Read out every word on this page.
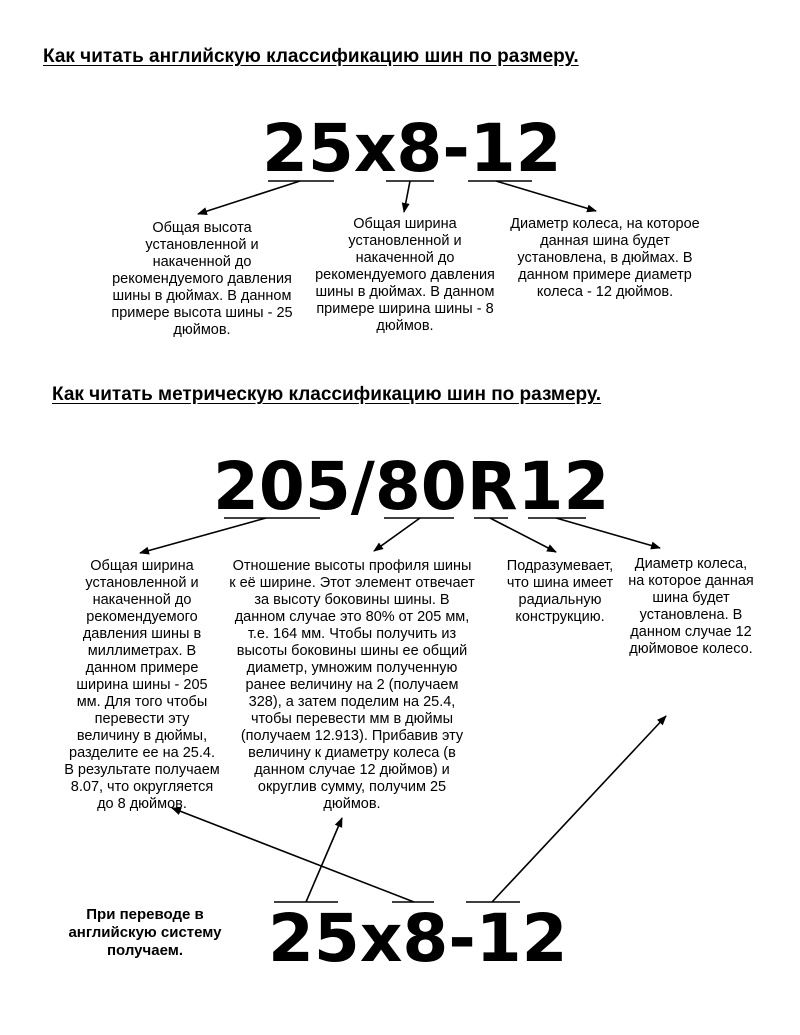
Как читать английскую классификацию шин по размеру.
25x8-12
Общая высота установленной и накаченной до рекомендуемого давления шины в дюймах. В данном примере высота шины - 25 дюймов.
Общая ширина установленной и накаченной до рекомендуемого давления шины в дюймах. В данном примере ширина шины - 8 дюймов.
Диаметр колеса, на которое данная шина будет установлена, в дюймах. В данном примере диаметр колеса - 12 дюймов.
Как читать метрическую классификацию шин по размеру.
205/80R12
Общая ширина установленной и накаченной до рекомендуемого давления шины в миллиметрах. В данном примере ширина шины - 205 мм. Для того чтобы перевести эту величину в дюймы, разделите ее на 25.4. В результате получаем 8.07, что округляется до 8 дюймов.
Отношение высоты профиля шины к её ширине. Этот элемент отвечает за высоту боковины шины. В данном случае это 80% от 205 мм, т.е. 164 мм. Чтобы получить из высоты боковины шины ее общий диаметр, умножим полученную ранее величину на 2 (получаем 328), а затем поделим на 25.4, чтобы перевести мм в дюймы (получаем 12.913). Прибавив эту величину к диаметру колеса (в данном случае 12 дюймов) и округлив сумму, получим 25 дюймов.
Подразумевает, что шина имеет радиальную конструкцию.
Диаметр колеса, на которое данная шина будет установлена. В данном случае 12 дюймовое колесо.
При переводе в английскую систему получаем.	25x8-12
